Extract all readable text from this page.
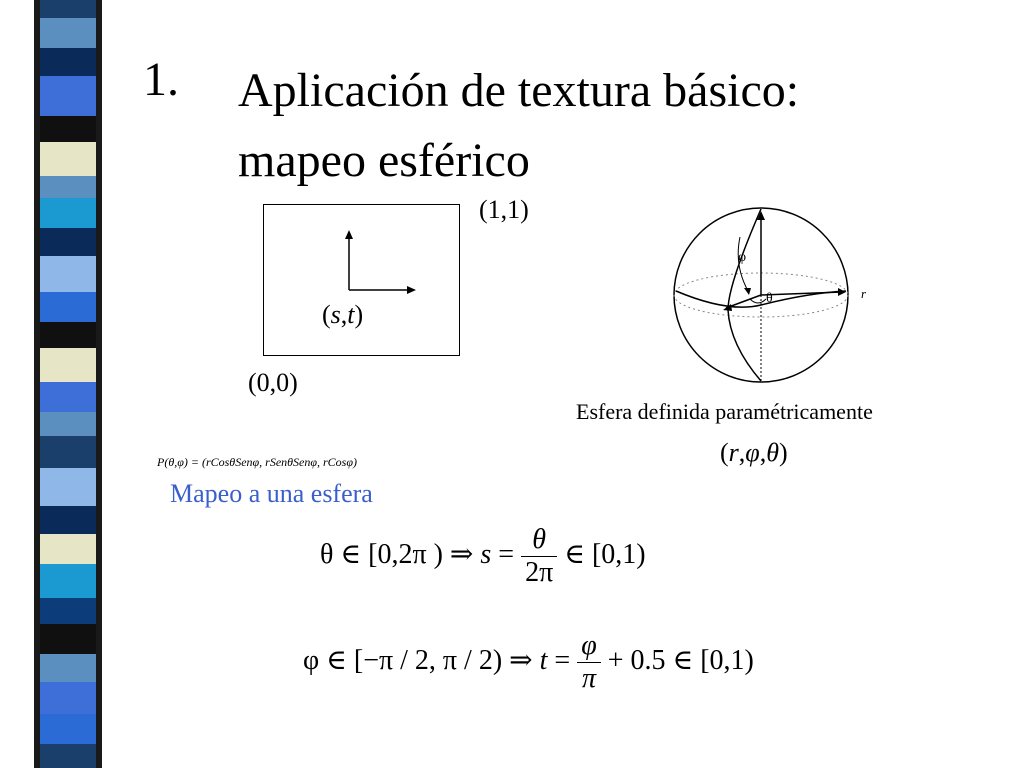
1. Aplicación de textura básico:
mapeo esférico
(s,t)
(1,1)
(0,0)
φ
θ	r
Esfera definida paramétricamente
(r,φ,θ)
P(θ,φ) = (rCosθSenφ, rSenθSenφ, rCosφ)
Mapeo a una esfera
θ ∈ [0,2π ) ⇒ $s = \frac{\theta}{2\pi}$ ∈ [0,1)
φ ∈ [−π / 2, π / 2) ⇒ $t = \frac{\varphi}{\pi} + 0.5$ ∈ [0,1)
